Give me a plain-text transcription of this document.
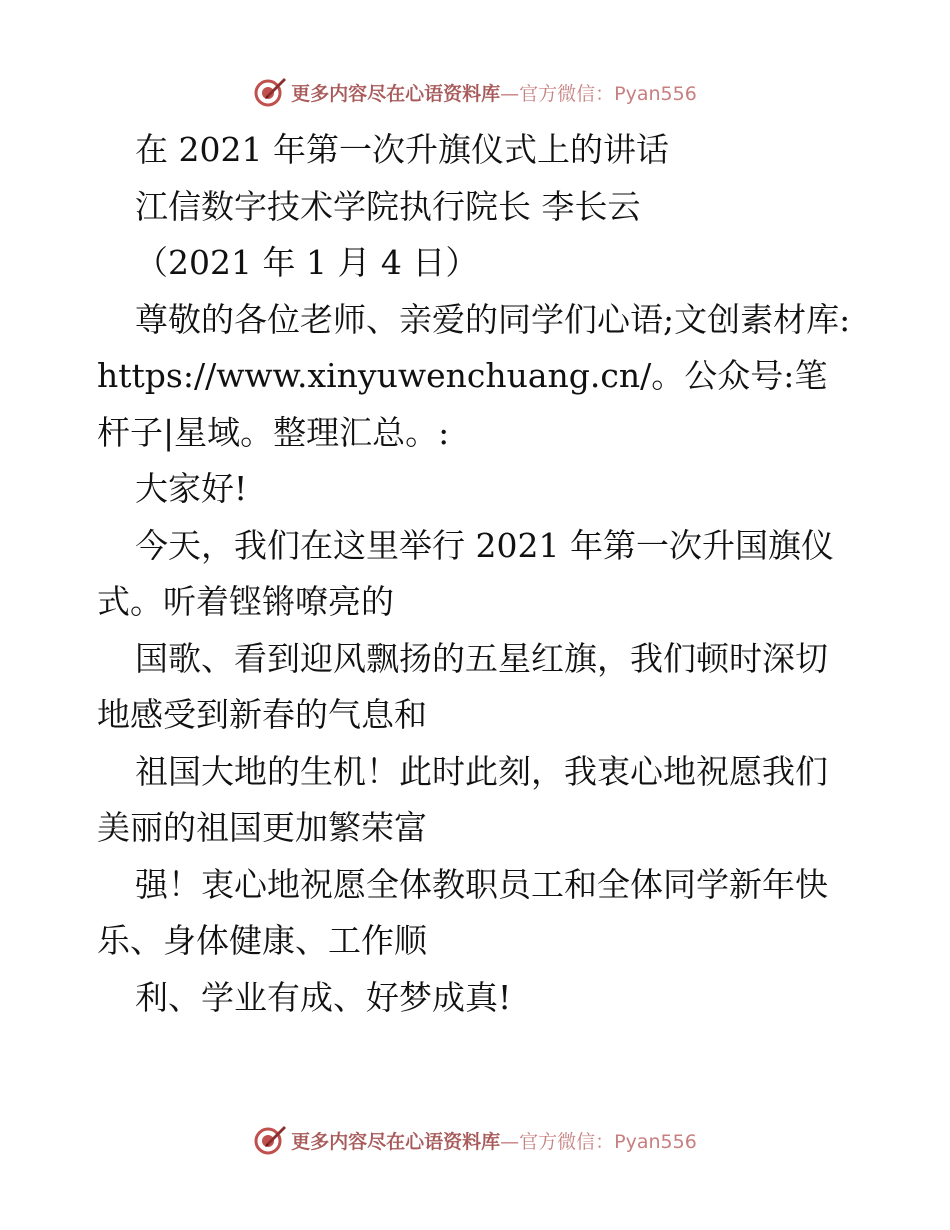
更多内容尽在心语资料库 —官方微信：Pyan556

在 2021 年第一次升旗仪式上的讲话

江信数字技术学院执行院长 李长云

（2021 年 1 月 4 日）

尊敬的各位老师、亲爱的同学们心语;文创素材库: https://www.xinyuwenchuang.cn/。公众号:笔杆子|星域。整理汇总。:

大家好!

今天，我们在这里举行 2021 年第一次升国旗仪式。听着铿锵嘹亮的

国歌、看到迎风飘扬的五星红旗，我们顿时深切地感受到新春的气息和

祖国大地的生机！此时此刻，我衷心地祝愿我们美丽的祖国更加繁荣富

强！衷心地祝愿全体教职员工和全体同学新年快乐、身体健康、工作顺

利、学业有成、好梦成真!

更多内容尽在心语资料库 —官方微信：Pyan556
